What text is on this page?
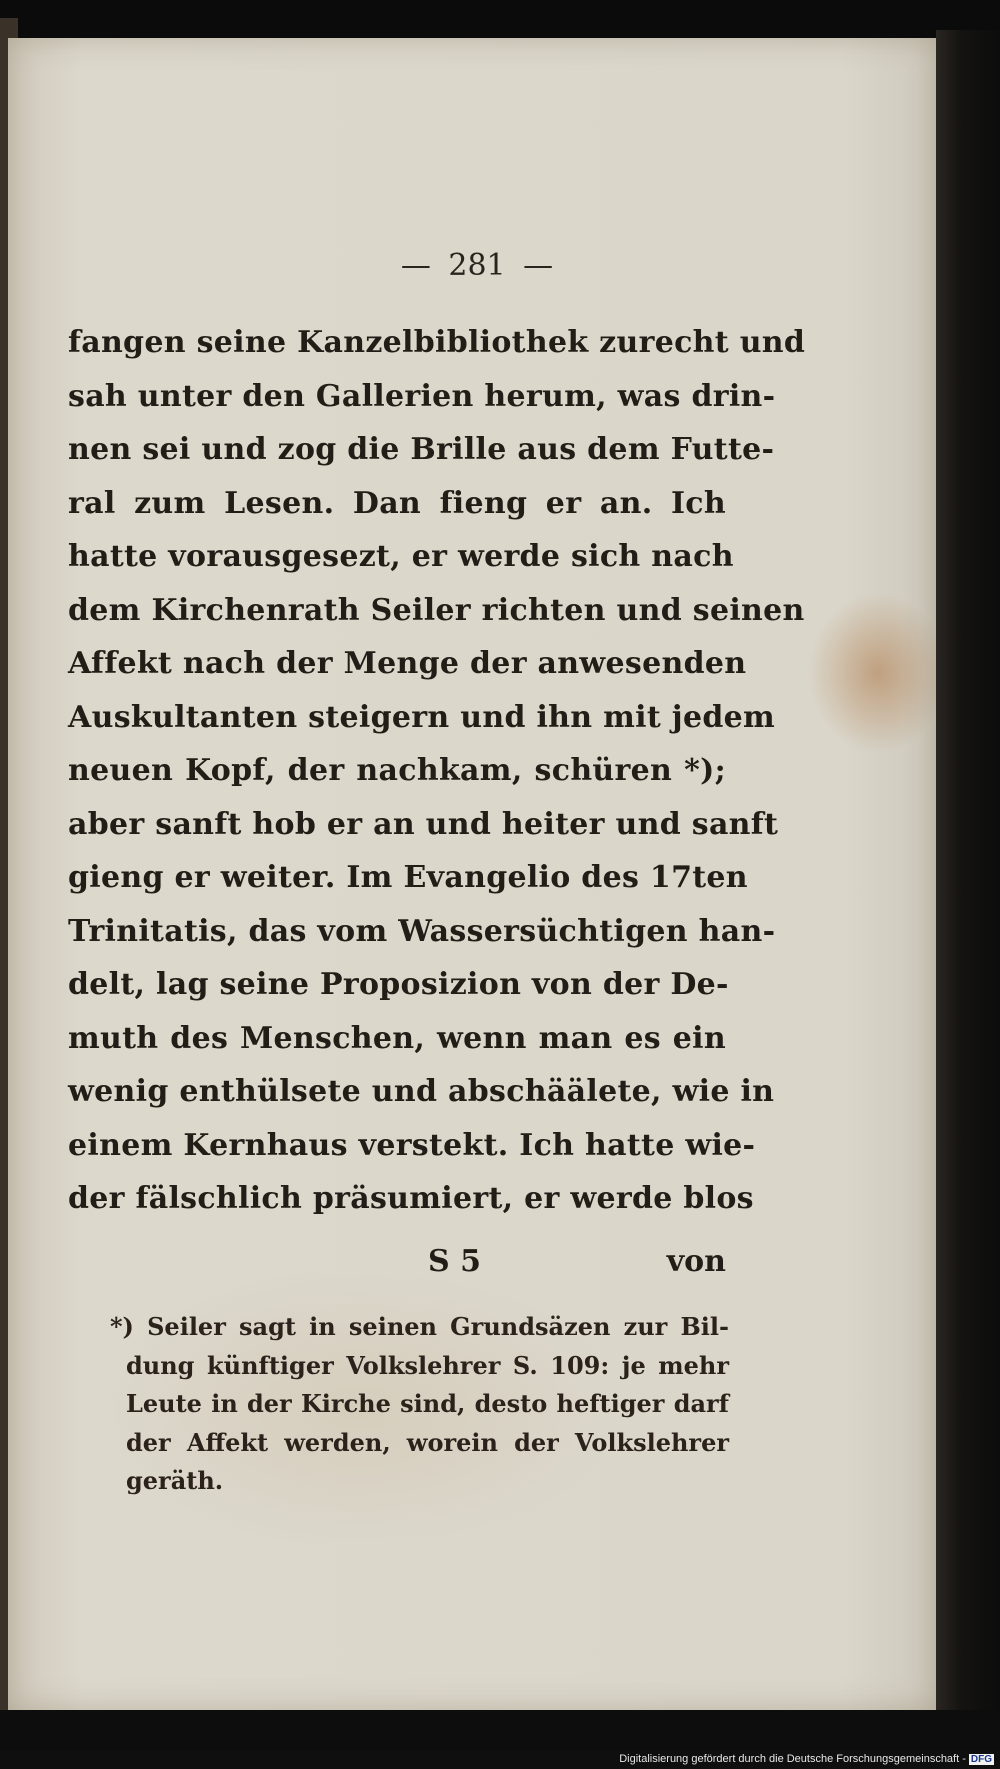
— 281 —
fangen seine Kanzelbibliothek zurecht und
sah unter den Gallerien herum, was drin-
nen sei und zog die Brille aus dem Futte-
ral zum Lesen. Dan fieng er an. Ich
hatte vorausgesezt, er werde sich nach
dem Kirchenrath Seiler richten und seinen
Affekt nach der Menge der anwesenden
Auskultanten steigern und ihn mit jedem
neuen Kopf, der nachkam, schüren *);
aber sanft hob er an und heiter und sanft
gieng er weiter. Im Evangelio des 17ten
Trinitatis, das vom Wassersüchtigen han-
delt, lag seine Proposizion von der De-
muth des Menschen, wenn man es ein
wenig enthülsete und abschäälete, wie in
einem Kernhaus verstekt. Ich hatte wie-
der fälschlich präsumiert, er werde blos
S 5	von
*) Seiler sagt in seinen Grundsäzen zur Bil-
dung künftiger Volkslehrer S. 109: je mehr
Leute in der Kirche sind, desto heftiger darf
der Affekt werden, worein der Volkslehrer
geräth.
Digitalisierung gefördert durch die Deutsche Forschungsgemeinschaft - DFG
